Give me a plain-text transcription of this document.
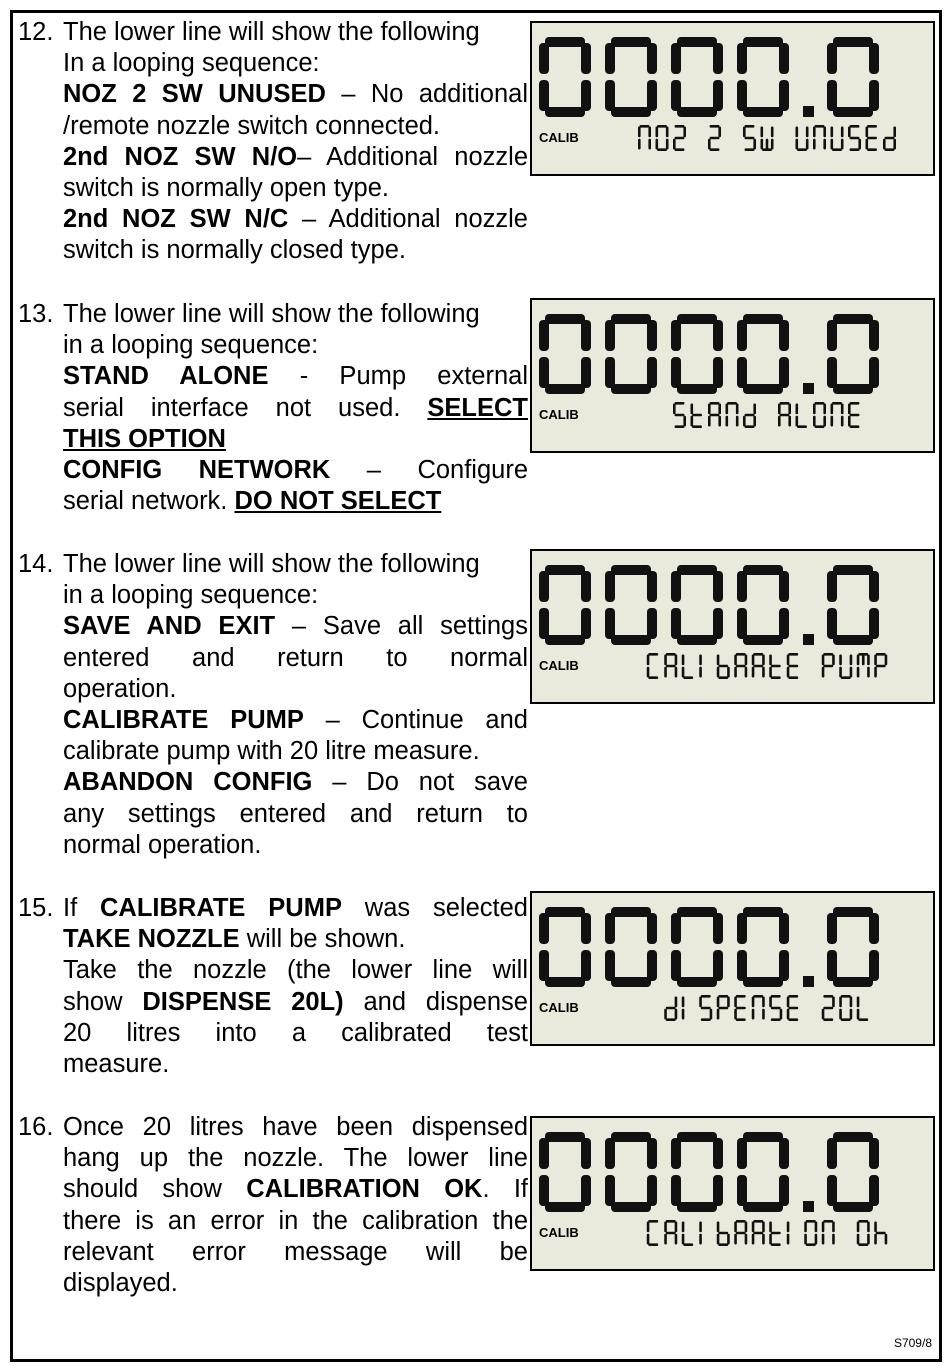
12. The lower line will show the following
In a looping sequence:
NOZ 2 SW UNUSED – No additional
/remote nozzle switch connected.
2nd NOZ SW N/O– Additional nozzle
switch is normally open type.
2nd NOZ SW N/C – Additional nozzle
switch is normally closed type.
CALIB
13. The lower line will show the following
in a looping sequence:
STAND ALONE - Pump external
serial interface not used. SELECT
THIS OPTION
CONFIG NETWORK – Configure
serial network. DO NOT SELECT
CALIB
14. The lower line will show the following
in a looping sequence:
SAVE AND EXIT – Save all settings
entered and return to normal
operation.
CALIBRATE PUMP – Continue and
calibrate pump with 20 litre measure.
ABANDON CONFIG – Do not save
any settings entered and return to
normal operation.
CALIB
15. If CALIBRATE PUMP was selected
TAKE NOZZLE will be shown.
Take the nozzle (the lower line will
show DISPENSE 20L) and dispense
20 litres into a calibrated test
measure.
CALIB
16. Once 20 litres have been dispensed
hang up the nozzle. The lower line
should show CALIBRATION OK. If
there is an error in the calibration the
relevant error message will be
displayed.
CALIB
S709/8
